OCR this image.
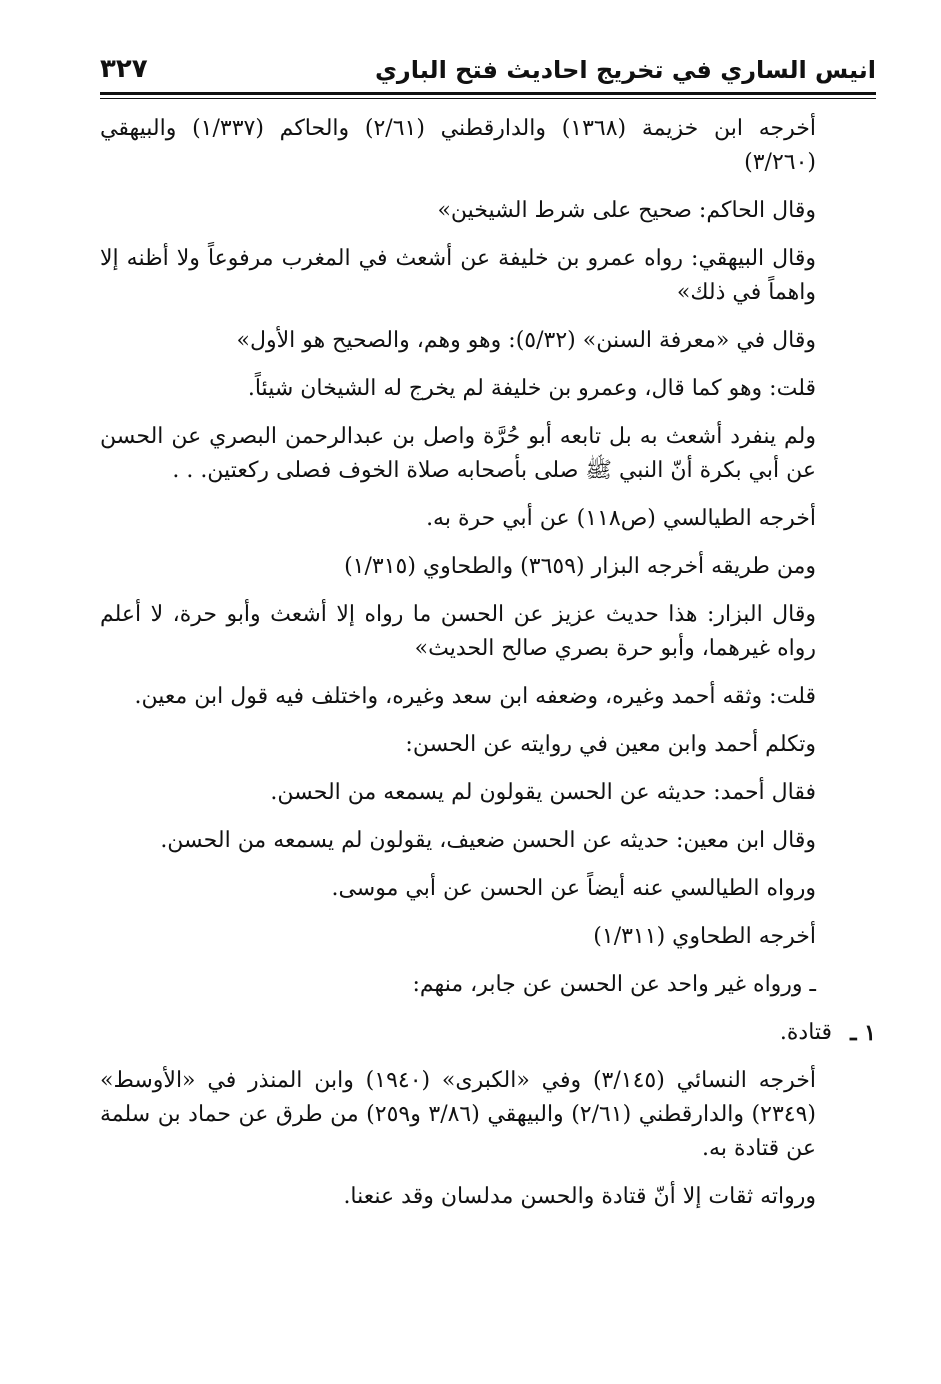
انيس الساري في تخريج احاديث فتح الباري
٣٢٧

أخرجه ابن خزيمة (١٣٦٨) والدارقطني (٢/٦١) والحاكم (١/٣٣٧) والبيهقي (٣/٢٦٠)

وقال الحاكم: صحيح على شرط الشيخين»

وقال البيهقي: رواه عمرو بن خليفة عن أشعث في المغرب مرفوعاً ولا أظنه إلا واهماً في ذلك»

وقال في «معرفة السنن» (٥/٣٢): وهو وهم، والصحيح هو الأول»

قلت: وهو كما قال، وعمرو بن خليفة لم يخرج له الشيخان شيئاً.

ولم ينفرد أشعث به بل تابعه أبو حُرَّة واصل بن عبدالرحمن البصري عن الحسن عن أبي بكرة أنّ النبي ﷺ صلى بأصحابه صلاة الخوف فصلى ركعتين. . .

أخرجه الطيالسي (ص١١٨) عن أبي حرة به.

ومن طريقه أخرجه البزار (٣٦٥٩) والطحاوي (١/٣١٥)

وقال البزار: هذا حديث عزيز عن الحسن ما رواه إلا أشعث وأبو حرة، لا أعلم رواه غيرهما، وأبو حرة بصري صالح الحديث»

قلت: وثقه أحمد وغيره، وضعفه ابن سعد وغيره، واختلف فيه قول ابن معين.

وتكلم أحمد وابن معين في روايته عن الحسن:

فقال أحمد: حديثه عن الحسن يقولون لم يسمعه من الحسن.

وقال ابن معين: حديثه عن الحسن ضعيف، يقولون لم يسمعه من الحسن.

ورواه الطيالسي عنه أيضاً عن الحسن عن أبي موسى.

أخرجه الطحاوي (١/٣١١)

ـ ورواه غير واحد عن الحسن عن جابر، منهم:

١ ـ
قتادة.

أخرجه النسائي (٣/١٤٥) وفي «الكبرى» (١٩٤٠) وابن المنذر في «الأوسط» (٢٣٤٩) والدارقطني (٢/٦١) والبيهقي (٣/٨٦ و٢٥٩) من طرق عن حماد بن سلمة عن قتادة به.

ورواته ثقات إلا أنّ قتادة والحسن مدلسان وقد عنعنا.
